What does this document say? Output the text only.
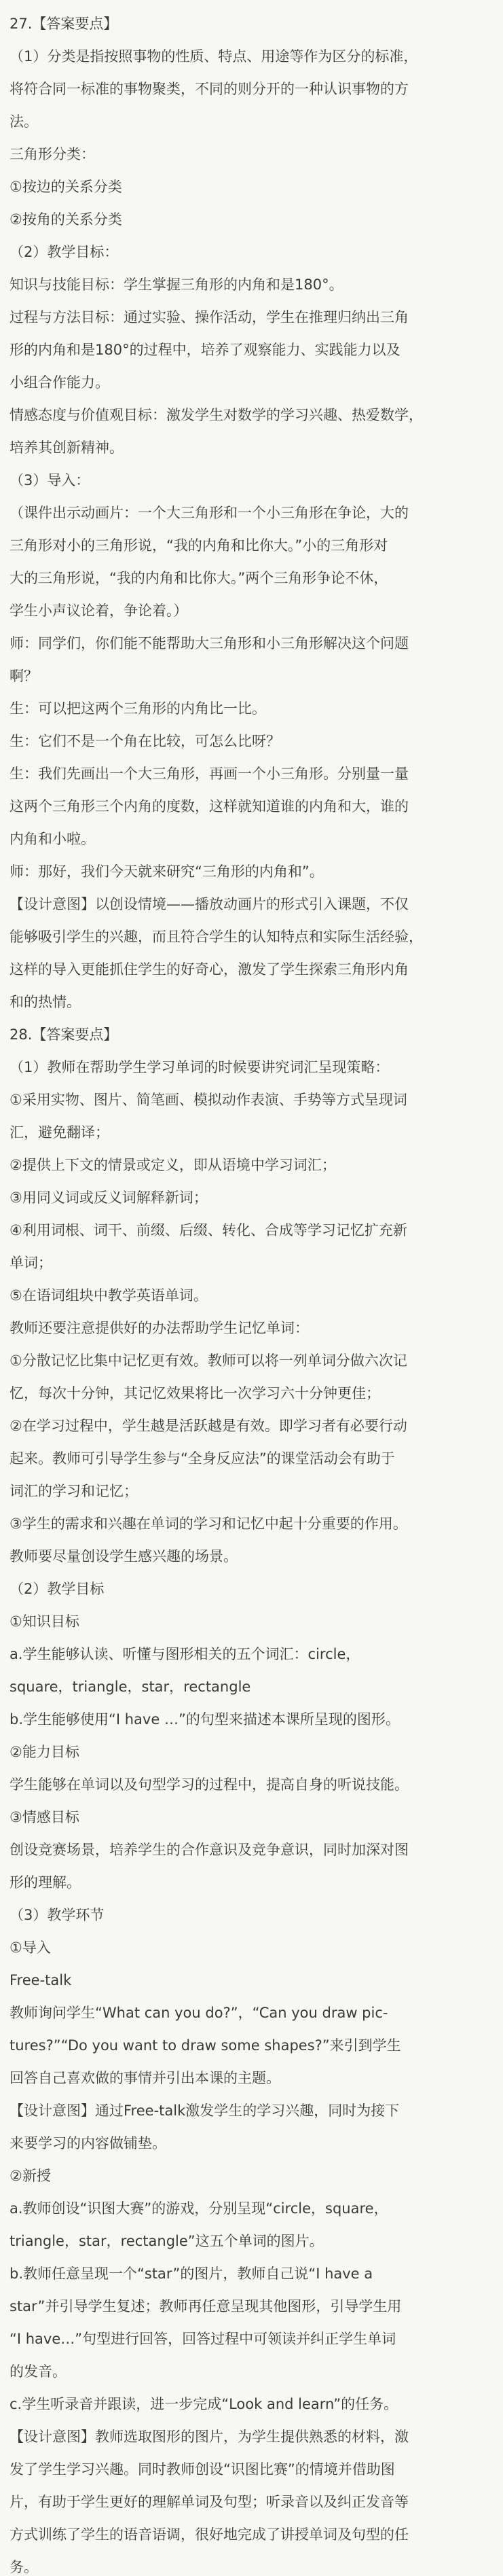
27.【答案要点】
（1）分类是指按照事物的性质、特点、用途等作为区分的标准，
将符合同一标准的事物聚类，不同的则分开的一种认识事物的方
法。
三角形分类：
①按边的关系分类
②按角的关系分类
（2）教学目标：
知识与技能目标：学生掌握三角形的内角和是180°。
过程与方法目标：通过实验、操作活动，学生在推理归纳出三角
形的内角和是180°的过程中，培养了观察能力、实践能力以及
小组合作能力。
情感态度与价值观目标：激发学生对数学的学习兴趣、热爱数学，
培养其创新精神。
（3）导入：
（课件出示动画片：一个大三角形和一个小三角形在争论，大的
三角形对小的三角形说，“我的内角和比你大。”小的三角形对
大的三角形说，“我的内角和比你大。”两个三角形争论不休，
学生小声议论着，争论着。）
师：同学们，你们能不能帮助大三角形和小三角形解决这个问题
啊？
生：可以把这两个三角形的内角比一比。
生：它们不是一个角在比较，可怎么比呀？
生：我们先画出一个大三角形，再画一个小三角形。分别量一量
这两个三角形三个内角的度数，这样就知道谁的内角和大，谁的
内角和小啦。
师：那好，我们今天就来研究“三角形的内角和”。
【设计意图】以创设情境——播放动画片的形式引入课题，不仅
能够吸引学生的兴趣，而且符合学生的认知特点和实际生活经验，
这样的导入更能抓住学生的好奇心，激发了学生探索三角形内角
和的热情。
28.【答案要点】
（1）教师在帮助学生学习单词的时候要讲究词汇呈现策略：
①采用实物、图片、简笔画、模拟动作表演、手势等方式呈现词
汇，避免翻译；
②提供上下文的情景或定义，即从语境中学习词汇；
③用同义词或反义词解释新词；
④利用词根、词干、前缀、后缀、转化、合成等学习记忆扩充新
单词；
⑤在语词组块中教学英语单词。
教师还要注意提供好的办法帮助学生记忆单词：
①分散记忆比集中记忆更有效。教师可以将一列单词分做六次记
忆，每次十分钟，其记忆效果将比一次学习六十分钟更佳；
②在学习过程中，学生越是活跃越是有效。即学习者有必要行动
起来。教师可引导学生参与“全身反应法”的课堂活动会有助于
词汇的学习和记忆；
③学生的需求和兴趣在单词的学习和记忆中起十分重要的作用。
教师要尽量创设学生感兴趣的场景。
（2）教学目标
①知识目标
a.学生能够认读、听懂与图形相关的五个词汇：circle，
square，triangle，star，rectangle
b.学生能够使用“I have …”的句型来描述本课所呈现的图形。
②能力目标
学生能够在单词以及句型学习的过程中，提高自身的听说技能。
③情感目标
创设竞赛场景，培养学生的合作意识及竞争意识，同时加深对图
形的理解。
（3）教学环节
①导入
Free-talk
教师询问学生“What can you do?”，“Can you draw pic-
tures?”“Do you want to draw some shapes?”来引到学生
回答自己喜欢做的事情并引出本课的主题。
【设计意图】通过Free-talk激发学生的学习兴趣，同时为接下
来要学习的内容做铺垫。
②新授
a.教师创设“识图大赛”的游戏，分别呈现“circle，square，
triangle，star，rectangle”这五个单词的图片。
b.教师任意呈现一个“star”的图片，教师自己说“I have a
star”并引导学生复述；教师再任意呈现其他图形，引导学生用
“I have…”句型进行回答，回答过程中可领读并纠正学生单词
的发音。
c.学生听录音并跟读，进一步完成“Look and learn”的任务。
【设计意图】教师选取图形的图片，为学生提供熟悉的材料，激
发了学生学习兴趣。同时教师创设“识图比赛”的情境并借助图
片，有助于学生更好的理解单词及句型；听录音以及纠正发音等
方式训练了学生的语音语调，很好地完成了讲授单词及句型的任
务。
